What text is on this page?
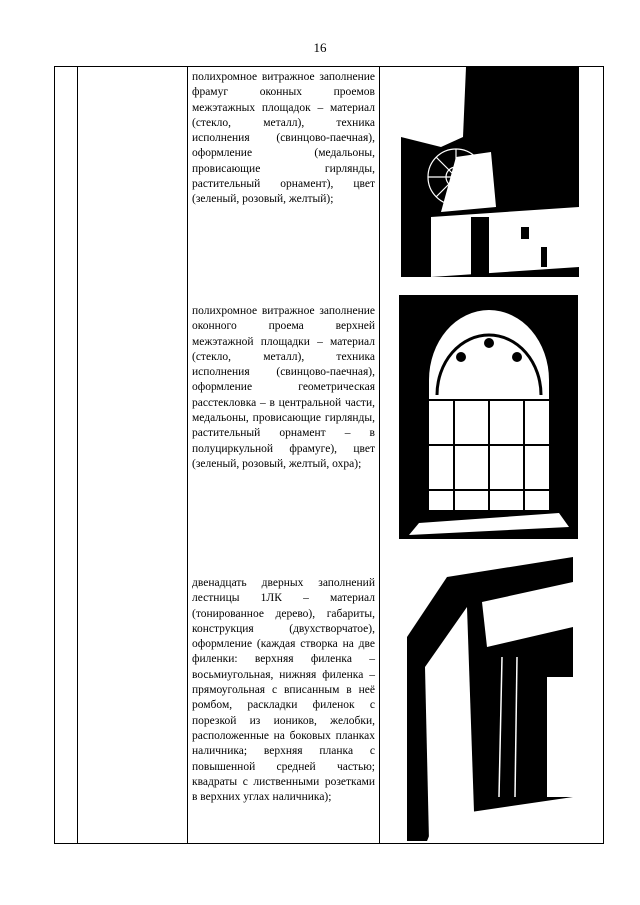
16

полихромное витражное заполнение фрамуг оконных проемов межэтажных площадок – материал (стекло, металл), техника исполнения (свинцово-паечная), оформление (медальоны, провисающие гирлянды, растительный орнамент), цвет (зеленый, розовый, желтый);
полихромное витражное заполнение оконного проема верхней межэтажной площадки – материал (стекло, металл), техника исполнения (свинцово-паечная), оформление геометрическая расстекловка – в центральной части, медальоны, провисающие гирлянды, растительный орнамент – в полуциркульной фрамуге), цвет (зеленый, розовый, желтый, охра);
двенадцать дверных заполнений лестницы 1ЛК – материал (тонированное дерево), габариты, конструкция (двухстворчатое), оформление (каждая створка на две филенки: верхняя филенка – восьмиугольная, нижняя филенка – прямоугольная с вписанным в неё ромбом, раскладки филенок с порезкой из иоников, желобки, расположенные на боковых планках наличника; верхняя планка с повышенной средней частью; квадраты с лиственными розетками в верхних углах наличника);
